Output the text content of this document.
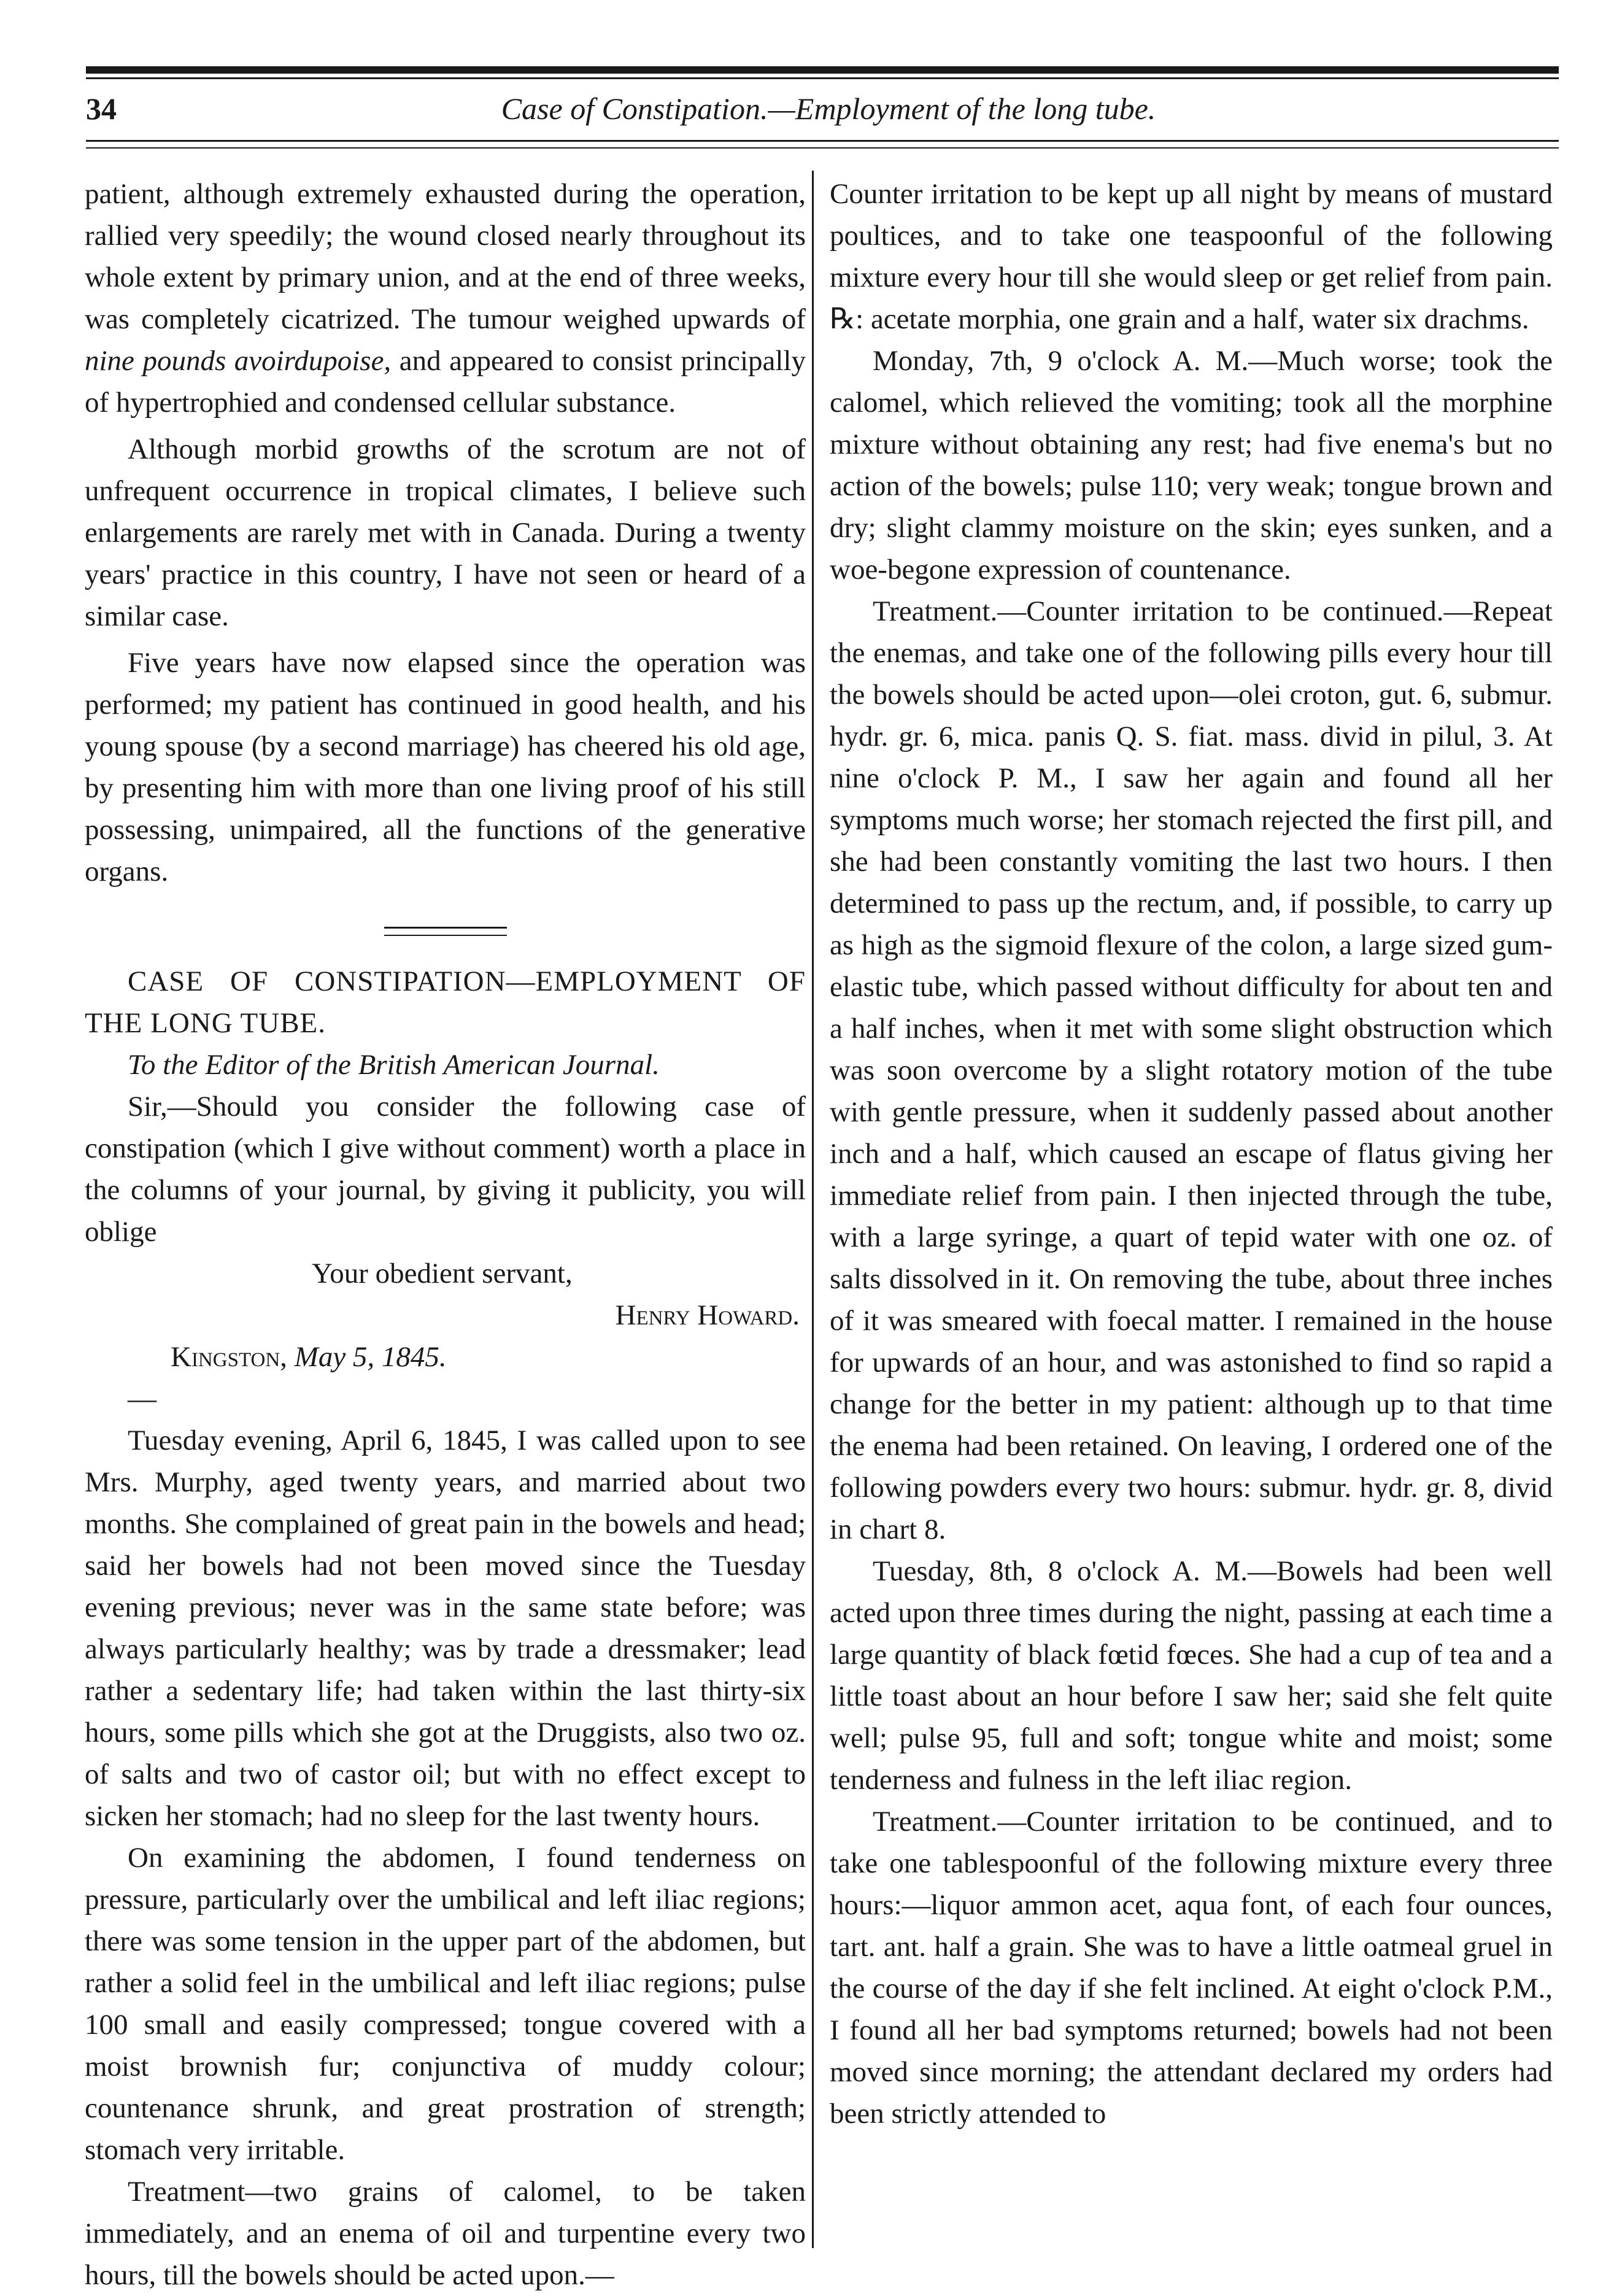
34	Case of Constipation.—Employment of the long tube.

patient, although extremely exhausted during the operation, rallied very speedily; the wound closed nearly throughout its whole extent by primary union, and at the end of three weeks, was completely cicatrized. The tumour weighed upwards of nine pounds avoirdupoise, and appeared to consist principally of hypertrophied and condensed cellular substance.

Although morbid growths of the scrotum are not of unfrequent occurrence in tropical climates, I believe such enlargements are rarely met with in Canada. During a twenty years' practice in this country, I have not seen or heard of a similar case.

Five years have now elapsed since the operation was performed; my patient has continued in good health, and his young spouse (by a second marriage) has cheered his old age, by presenting him with more than one living proof of his still possessing, unimpaired, all the functions of the generative organs.

CASE OF CONSTIPATION—EMPLOYMENT OF THE LONG TUBE.

To the Editor of the British American Journal.

Sir,—Should you consider the following case of constipation (which I give without comment) worth a place in the columns of your journal, by giving it publicity, you will oblige

Your obedient servant,

Henry Howard.

Kingston, May 5, 1845.

—

Tuesday evening, April 6, 1845, I was called upon to see Mrs. Murphy, aged twenty years, and married about two months. She complained of great pain in the bowels and head; said her bowels had not been moved since the Tuesday evening previous; never was in the same state before; was always particularly healthy; was by trade a dressmaker; lead rather a sedentary life; had taken within the last thirty-six hours, some pills which she got at the Druggists, also two oz. of salts and two of castor oil; but with no effect except to sicken her stomach; had no sleep for the last twenty hours.

On examining the abdomen, I found tenderness on pressure, particularly over the umbilical and left iliac regions; there was some tension in the upper part of the abdomen, but rather a solid feel in the umbilical and left iliac regions; pulse 100 small and easily compressed; tongue covered with a moist brownish fur; conjunctiva of muddy colour; countenance shrunk, and great prostration of strength; stomach very irritable.

Treatment—two grains of calomel, to be taken immediately, and an enema of oil and turpentine every two hours, till the bowels should be acted upon.—

Counter irritation to be kept up all night by means of mustard poultices, and to take one teaspoonful of the following mixture every hour till she would sleep or get relief from pain. ℞: acetate morphia, one grain and a half, water six drachms.

Monday, 7th, 9 o'clock A. M.—Much worse; took the calomel, which relieved the vomiting; took all the morphine mixture without obtaining any rest; had five enema's but no action of the bowels; pulse 110; very weak; tongue brown and dry; slight clammy moisture on the skin; eyes sunken, and a woe-begone expression of countenance.

Treatment.—Counter irritation to be continued.—Repeat the enemas, and take one of the following pills every hour till the bowels should be acted upon—olei croton, gut. 6, submur. hydr. gr. 6, mica. panis Q. S. fiat. mass. divid in pilul, 3. At nine o'clock P. M., I saw her again and found all her symptoms much worse; her stomach rejected the first pill, and she had been constantly vomiting the last two hours. I then determined to pass up the rectum, and, if possible, to carry up as high as the sigmoid flexure of the colon, a large sized gum-elastic tube, which passed without difficulty for about ten and a half inches, when it met with some slight obstruction which was soon overcome by a slight rotatory motion of the tube with gentle pressure, when it suddenly passed about another inch and a half, which caused an escape of flatus giving her immediate relief from pain. I then injected through the tube, with a large syringe, a quart of tepid water with one oz. of salts dissolved in it. On removing the tube, about three inches of it was smeared with foecal matter. I remained in the house for upwards of an hour, and was astonished to find so rapid a change for the better in my patient: although up to that time the enema had been retained. On leaving, I ordered one of the following powders every two hours: submur. hydr. gr. 8, divid in chart 8.

Tuesday, 8th, 8 o'clock A. M.—Bowels had been well acted upon three times during the night, passing at each time a large quantity of black fœtid fœces. She had a cup of tea and a little toast about an hour before I saw her; said she felt quite well; pulse 95, full and soft; tongue white and moist; some tenderness and fulness in the left iliac region.

Treatment.—Counter irritation to be continued, and to take one tablespoonful of the following mixture every three hours:—liquor ammon acet, aqua font, of each four ounces, tart. ant. half a grain. She was to have a little oatmeal gruel in the course of the day if she felt inclined. At eight o'clock P.M., I found all her bad symptoms returned; bowels had not been moved since morning; the attendant declared my orders had been strictly attended to
